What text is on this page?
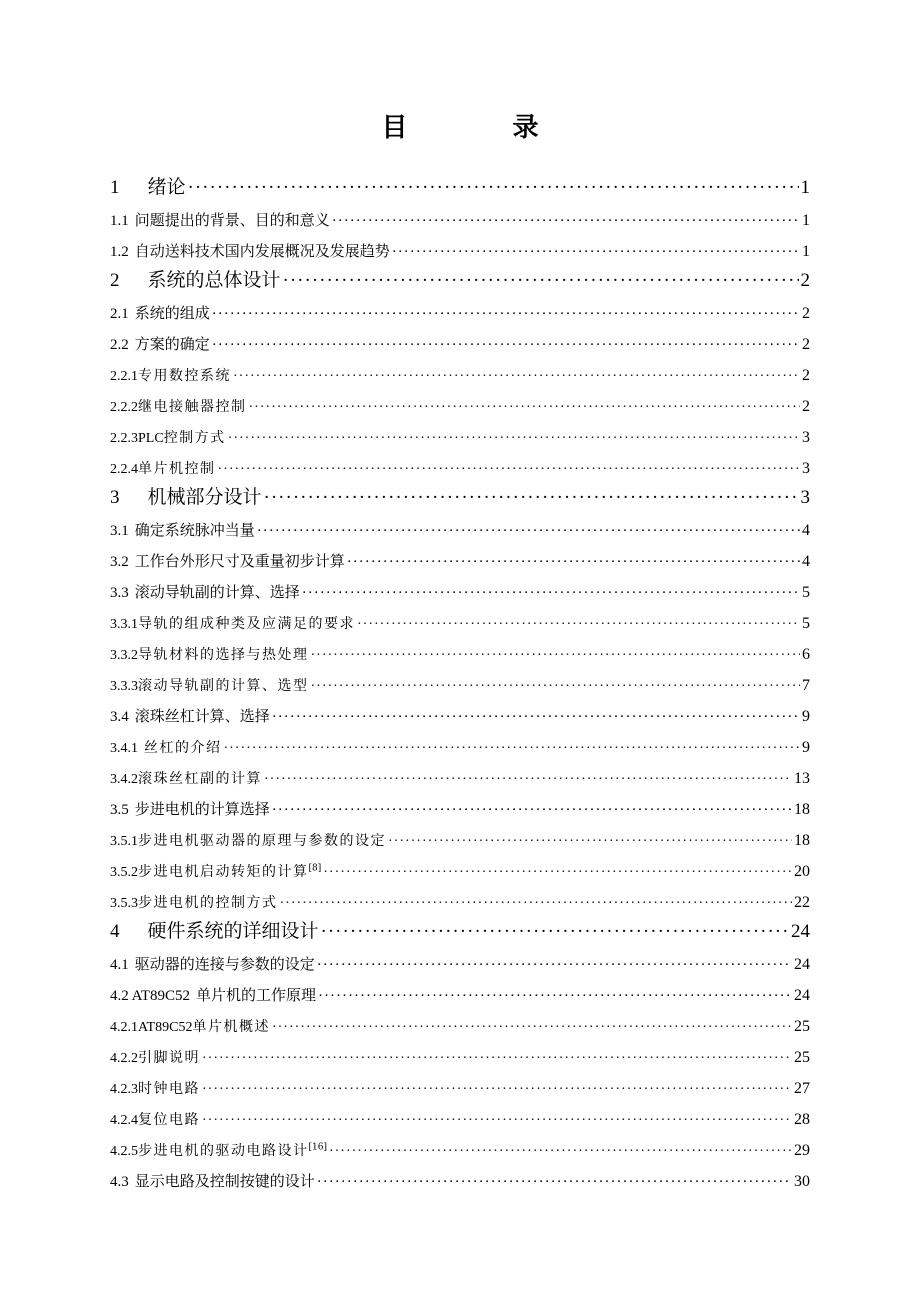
目 录
1 绪论 ·····	1
1.1 问题提出的背景、目的和意义 ·····	1
1.2 自动送料技术国内发展概况及发展趋势 ·····	1
2 系统的总体设计 ·····	2
2.1 系统的组成 ·····	2
2.2 方案的确定 ·····	2
2.2.1专用数控系统 ·····	2
2.2.2继电接触器控制 ·····	2
2.2.3PLC控制方式 ·····	3
2.2.4单片机控制 ·····	3
3 机械部分设计 ·····	3
3.1 确定系统脉冲当量 ·····	4
3.2 工作台外形尺寸及重量初步计算 ·····	4
3.3 滚动导轨副的计算、选择 ·····	5
3.3.1导轨的组成种类及应满足的要求 ·····	5
3.3.2导轨材料的选择与热处理 ·····	6
3.3.3滚动导轨副的计算、选型 ·····	7
3.4 滚珠丝杠计算、选择 ·····	9
3.4.1 丝杠的介绍 ·····	9
3.4.2滚珠丝杠副的计算 ·····	13
3.5 步进电机的计算选择 ·····	18
3.5.1步进电机驱动器的原理与参数的设定 ·····	18
3.5.2步进电机启动转矩的计算[8] ·····	20
3.5.3步进电机的控制方式 ·····	22
4 硬件系统的详细设计 ·····	24
4.1 驱动器的连接与参数的设定 ·····	24
4.2 AT89C52 单片机的工作原理 ·····	24
4.2.1AT89C52单片机概述 ·····	25
4.2.2引脚说明 ·····	25
4.2.3时钟电路 ·····	27
4.2.4复位电路 ·····	28
4.2.5步进电机的驱动电路设计[16] ·····	29
4.3 显示电路及控制按键的设计 ·····	30
